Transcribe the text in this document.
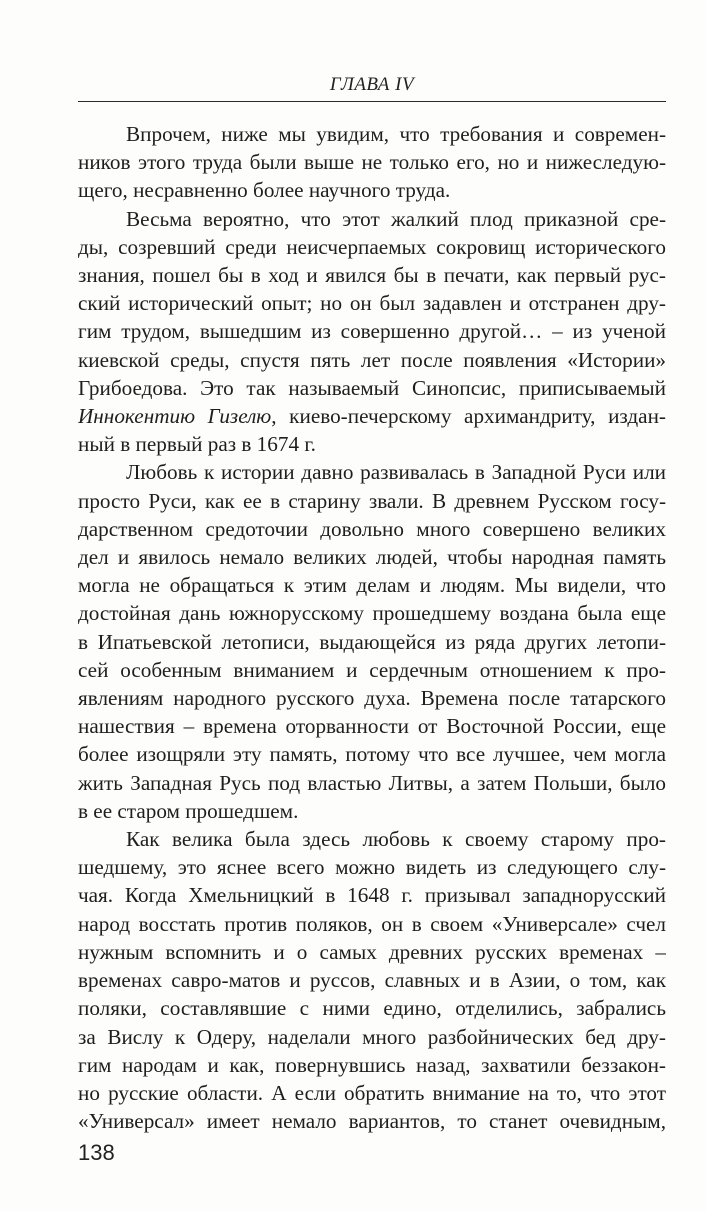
ГЛАВА IV

Впрочем, ниже мы увидим, что требования и современ-
ников этого труда были выше не только его, но и нижеследую-
щего, несравненно более научного труда.

Весьма вероятно, что этот жалкий плод приказной сре-
ды, созревший среди неисчерпаемых сокровищ исторического
знания, пошел бы в ход и явился бы в печати, как первый рус-
ский исторический опыт; но он был задавлен и отстранен дру-
гим трудом, вышедшим из совершенно другой… – из ученой
киевской среды, спустя пять лет после появления «Истории»
Грибоедова. Это так называемый Синопсис, приписываемый
Иннокентию Гизелю, киево-печерскому архимандриту, издан-
ный в первый раз в 1674 г.

Любовь к истории давно развивалась в Западной Руси или
просто Руси, как ее в старину звали. В древнем Русском госу-
дарственном средоточии довольно много совершено великих
дел и явилось немало великих людей, чтобы народная память
могла не обращаться к этим делам и людям. Мы видели, что
достойная дань южнорусскому прошедшему воздана была еще
в Ипатьевской летописи, выдающейся из ряда других летопи-
сей особенным вниманием и сердечным отношением к про-
явлениям народного русского духа. Времена после татарского
нашествия – времена оторванности от Восточной России, еще
более изощряли эту память, потому что все лучшее, чем могла
жить Западная Русь под властью Литвы, а затем Польши, было
в ее старом прошедшем.

Как велика была здесь любовь к своему старому про-
шедшему, это яснее всего можно видеть из следующего слу-
чая. Когда Хмельницкий в 1648 г. призывал западнорусский
народ восстать против поляков, он в своем «Универсале» счел
нужным вспомнить и о самых древних русских временах –
временах савро-матов и руссов, славных и в Азии, о том, как
поляки, составлявшие с ними едино, отделились, забрались
за Вислу к Одеру, наделали много разбойнических бед дру-
гим народам и как, повернувшись назад, захватили беззакон-
но русские области. А если обратить внимание на то, что этот
«Универсал» имеет немало вариантов, то станет очевидным,

138
